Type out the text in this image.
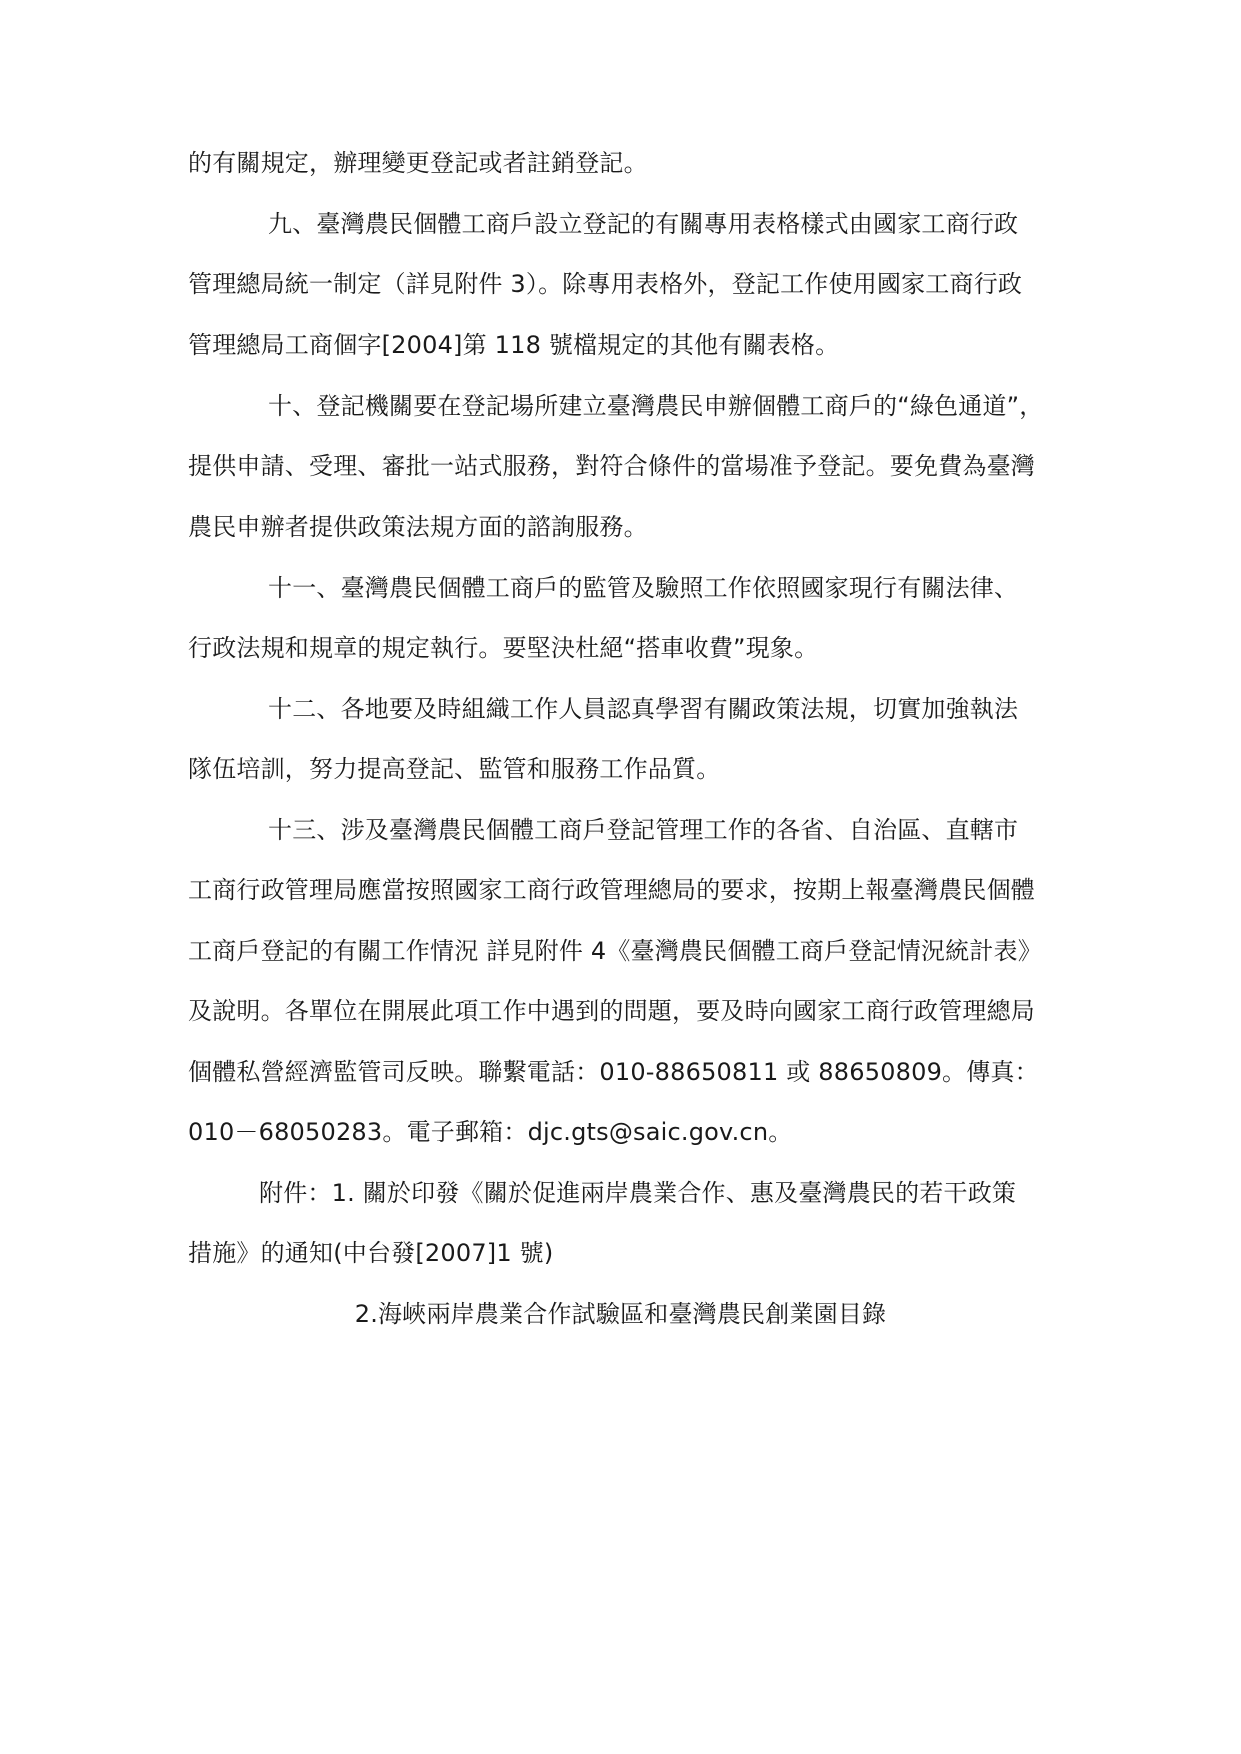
的有關規定，辦理變更登記或者註銷登記。
九、臺灣農民個體工商戶設立登記的有關專用表格樣式由國家工商行政
管理總局統一制定（詳見附件 3）。除專用表格外，登記工作使用國家工商行政
管理總局工商個字[2004]第 118 號檔規定的其他有關表格。
十、登記機關要在登記場所建立臺灣農民申辦個體工商戶的“綠色通道”，
提供申請、受理、審批一站式服務，對符合條件的當場准予登記。要免費為臺灣
農民申辦者提供政策法規方面的諮詢服務。
十一、臺灣農民個體工商戶的監管及驗照工作依照國家現行有關法律、
行政法規和規章的規定執行。要堅決杜絕“搭車收費”現象。
十二、各地要及時組織工作人員認真學習有關政策法規，切實加強執法
隊伍培訓，努力提高登記、監管和服務工作品質。
十三、涉及臺灣農民個體工商戶登記管理工作的各省、自治區、直轄市
工商行政管理局應當按照國家工商行政管理總局的要求，按期上報臺灣農民個體
工商戶登記的有關工作情況 詳見附件 4《臺灣農民個體工商戶登記情況統計表》
及說明。各單位在開展此項工作中遇到的問題，要及時向國家工商行政管理總局
個體私營經濟監管司反映。聯繫電話：010-88650811 或 88650809。傳真：
010－68050283。電子郵箱：djc.gts@saic.gov.cn。
附件：1. 關於印發《關於促進兩岸農業合作、惠及臺灣農民的若干政策
措施》的通知(中台發[2007]1 號)
2.海峽兩岸農業合作試驗區和臺灣農民創業園目錄
